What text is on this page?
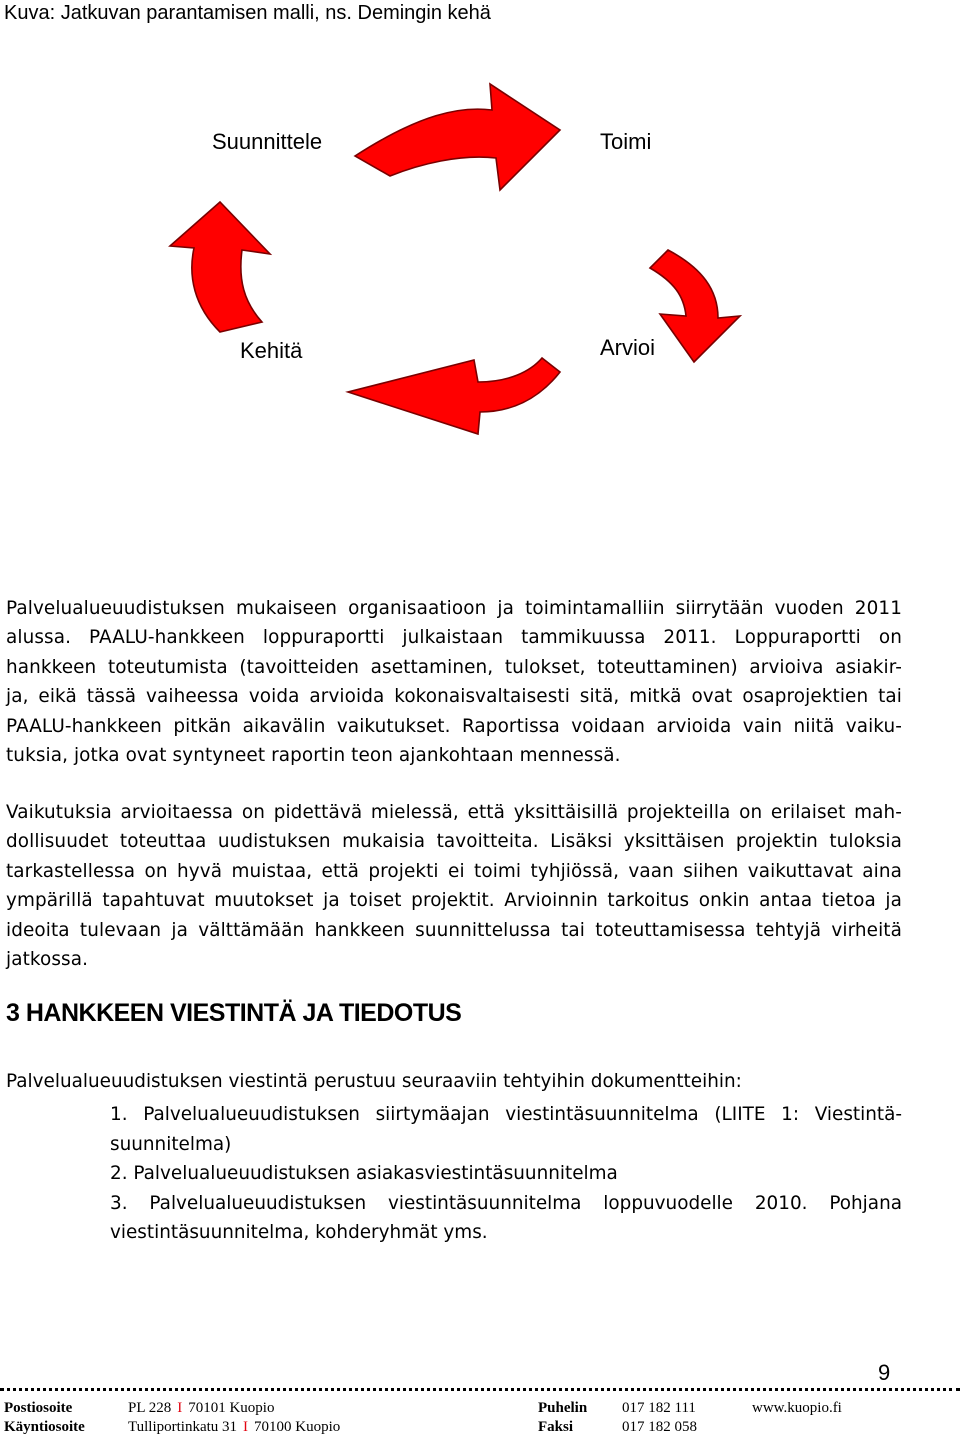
Kuva: Jatkuvan parantamisen malli, ns. Demingin kehä
Suunnittele	Toimi
Kehitä	Arvioi
Palvelualueuudistuksen mukaiseen organisaatioon ja toimintamalliin siirrytään vuoden 2011
alussa. PAALU-hankkeen loppuraportti julkaistaan tammikuussa 2011. Loppuraportti on
hankkeen toteutumista (tavoitteiden asettaminen, tulokset, toteuttaminen) arvioiva asiakir-
ja, eikä tässä vaiheessa voida arvioida kokonaisvaltaisesti sitä, mitkä ovat osaprojektien tai
PAALU-hankkeen pitkän aikavälin vaikutukset. Raportissa voidaan arvioida vain niitä vaiku-
tuksia, jotka ovat syntyneet raportin teon ajankohtaan mennessä.
Vaikutuksia arvioitaessa on pidettävä mielessä, että yksittäisillä projekteilla on erilaiset mah-
dollisuudet toteuttaa uudistuksen mukaisia tavoitteita. Lisäksi yksittäisen projektin tuloksia
tarkastellessa on hyvä muistaa, että projekti ei toimi tyhjiössä, vaan siihen vaikuttavat aina
ympärillä tapahtuvat muutokset ja toiset projektit. Arvioinnin tarkoitus onkin antaa tietoa ja
ideoita tulevaan ja välttämään hankkeen suunnittelussa tai toteuttamisessa tehtyjä virheitä
jatkossa.
3 HANKKEEN VIESTINTÄ JA TIEDOTUS
Palvelualueuudistuksen viestintä perustuu seuraaviin tehtyihin dokumentteihin:
1. Palvelualueuudistuksen siirtymäajan viestintäsuunnitelma (LIITE 1: Viestintä-
suunnitelma)
2. Palvelualueuudistuksen asiakasviestintäsuunnitelma
3. Palvelualueuudistuksen viestintäsuunnitelma loppuvuodelle 2010. Pohjana
viestintäsuunnitelma, kohderyhmät yms.
9
Postiosoite	PL 228 I 70101 Kuopio	Puhelin 017 182 111	www.kuopio.fi
Käyntiosoite	Tulliportinkatu 31 I 70100 Kuopio	Faksi	017 182 058
